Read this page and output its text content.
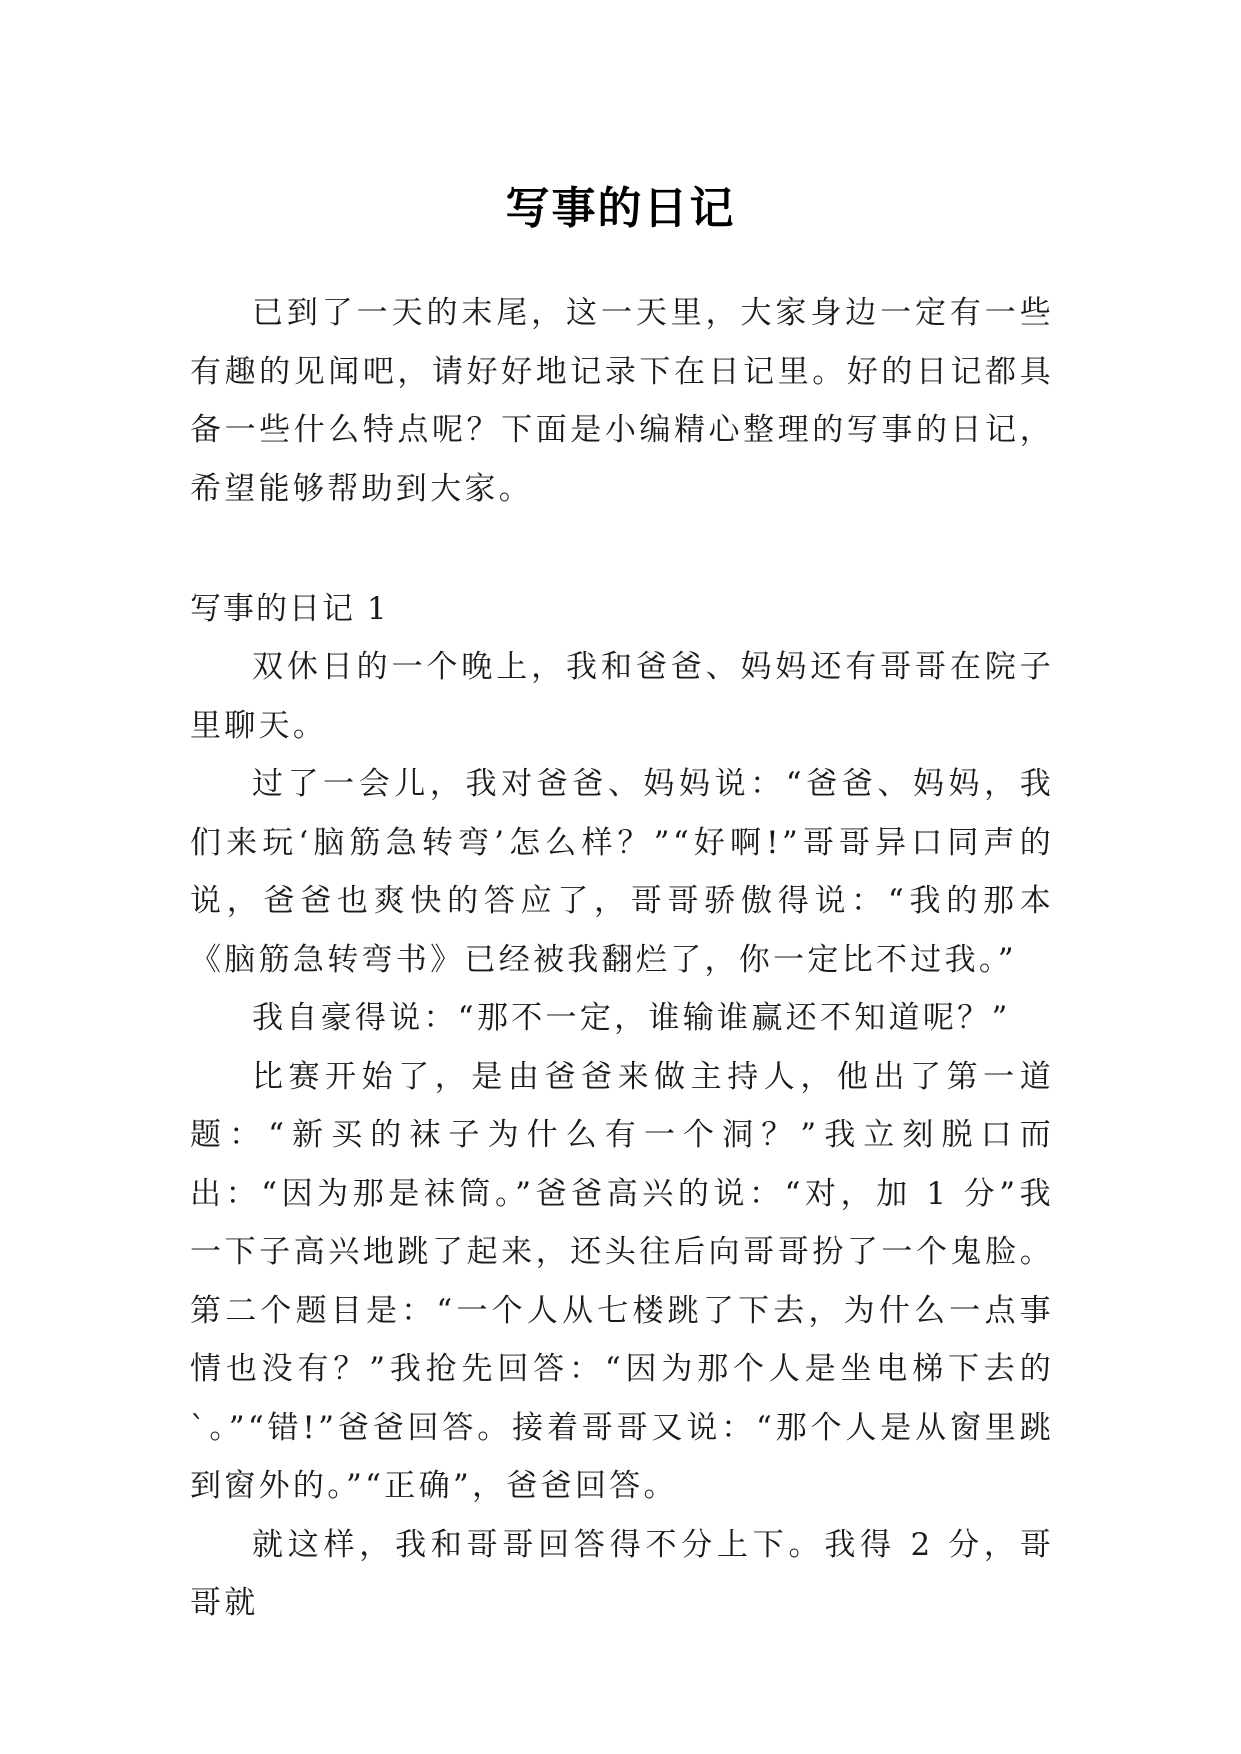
写事的日记

已到了一天的末尾，这一天里，大家身边一定有一些有趣的见闻吧，请好好地记录下在日记里。好的日记都具备一些什么特点呢？下面是小编精心整理的写事的日记，希望能够帮助到大家。

写事的日记 1

双休日的一个晚上，我和爸爸、妈妈还有哥哥在院子里聊天。

过了一会儿，我对爸爸、妈妈说：“爸爸、妈妈，我们来玩‘脑筋急转弯’怎么样？”“好啊!”哥哥异口同声的说，爸爸也爽快的答应了，哥哥骄傲得说：“我的那本《脑筋急转弯书》已经被我翻烂了，你一定比不过我。”

我自豪得说：“那不一定，谁输谁赢还不知道呢？”

比赛开始了，是由爸爸来做主持人，他出了第一道题：“新买的袜子为什么有一个洞？”我立刻脱口而出：“因为那是袜筒。”爸爸高兴的说：“对，加 1 分”我一下子高兴地跳了起来，还头往后向哥哥扮了一个鬼脸。第二个题目是：“一个人从七楼跳了下去，为什么一点事情也没有？”我抢先回答：“因为那个人是坐电梯下去的`。”“错!”爸爸回答。接着哥哥又说：“那个人是从窗里跳到窗外的。”“正确”，爸爸回答。

就这样，我和哥哥回答得不分上下。我得 2 分，哥哥就
